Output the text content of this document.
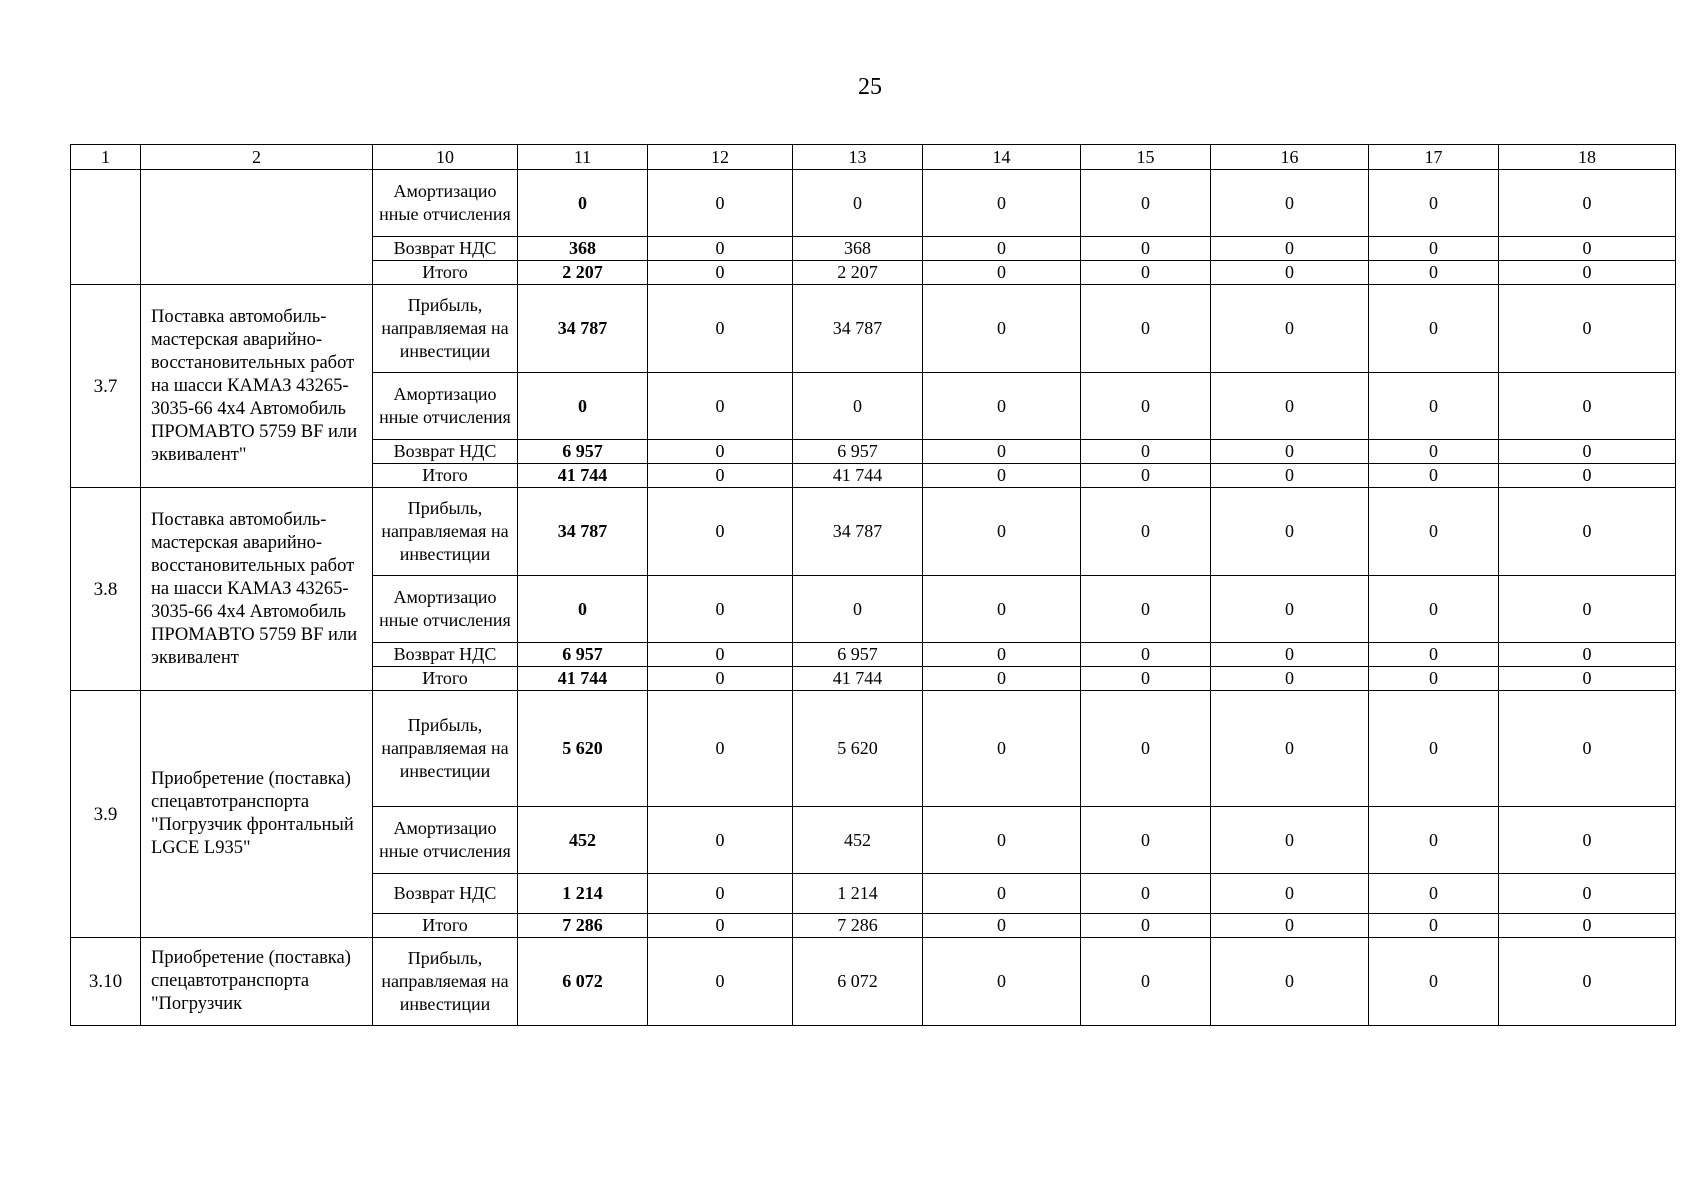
25
1	2	10	11	12	13	14	15	16	17	18
		Амортизацио нные отчисления	0	0	0	0	0	0	0	0
		Возврат НДС	368	0	368	0	0	0	0	0
		Итого	2 207	0	2 207	0	0	0	0	0
3.7	Поставка автомобиль-мастерская аварийно-восстановительных работ на шасси КАМАЗ 43265-3035-66 4х4 Автомобиль ПРОМАВТО 5759 BF или эквивалент"	Прибыль, направляемая на инвестиции	34 787	0	34 787	0	0	0	0	0
		Амортизацио нные отчисления	0	0	0	0	0	0	0	0
		Возврат НДС	6 957	0	6 957	0	0	0	0	0
		Итого	41 744	0	41 744	0	0	0	0	0
3.8	Поставка автомобиль-мастерская аварийно-восстановительных работ на шасси КАМАЗ 43265-3035-66 4х4 Автомобиль ПРОМАВТО 5759 BF или эквивалент	Прибыль, направляемая на инвестиции	34 787	0	34 787	0	0	0	0	0
		Амортизацио нные отчисления	0	0	0	0	0	0	0	0
		Возврат НДС	6 957	0	6 957	0	0	0	0	0
		Итого	41 744	0	41 744	0	0	0	0	0
3.9	Приобретение (поставка) спецавтотранспорта "Погрузчик фронтальный LGCE L935"	Прибыль, направляемая на инвестиции	5 620	0	5 620	0	0	0	0	0
		Амортизацио нные отчисления	452	0	452	0	0	0	0	0
		Возврат НДС	1 214	0	1 214	0	0	0	0	0
		Итого	7 286	0	7 286	0	0	0	0	0
3.10	Приобретение (поставка) спецавтотранспорта "Погрузчик	Прибыль, направляемая на инвестиции	6 072	0	6 072	0	0	0	0	0
